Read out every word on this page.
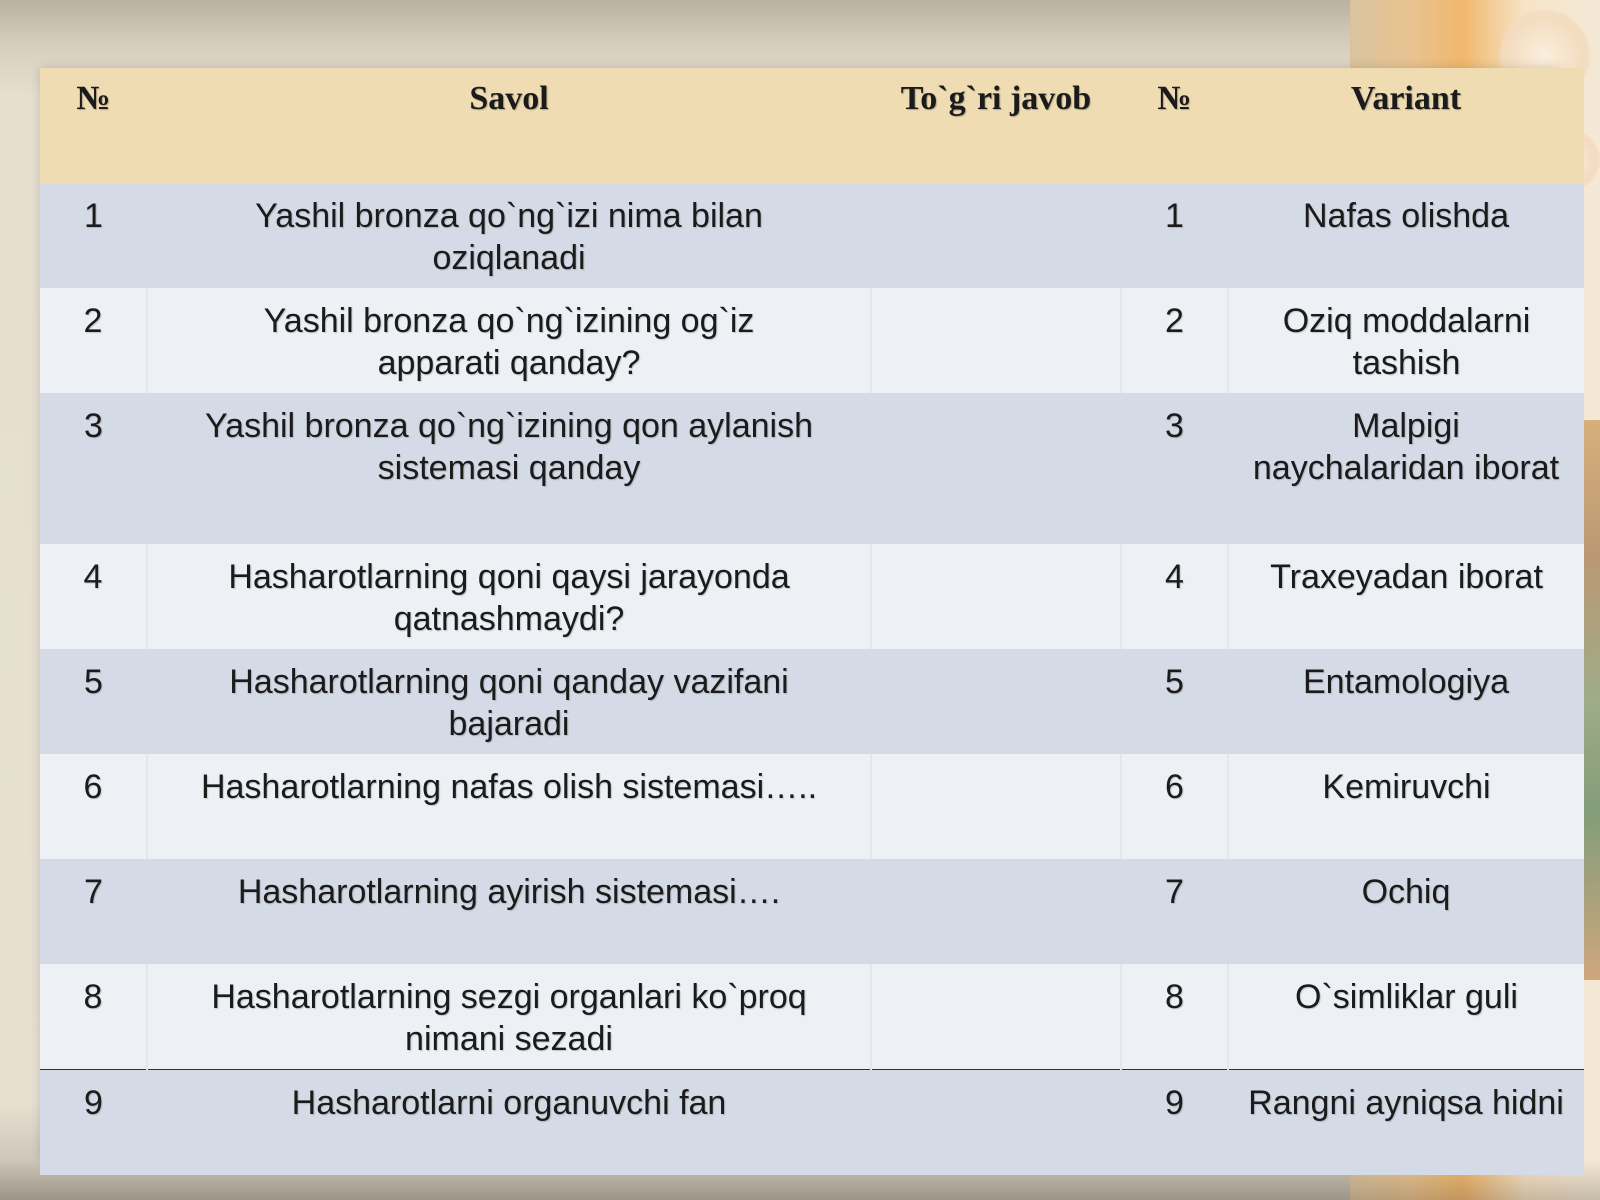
№	Savol	To`g`ri javob	№	Variant
1	Yashil bronza qo`ng`izi nima bilan
oziqlanadi		1	Nafas olishda

2	Yashil bronza qo`ng`izining og`iz
apparati qanday?		2	Oziq moddalarni
tashish

3	Yashil bronza qo`ng`izining qon aylanish
sistemasi qanday		3	Malpigi
naychalaridan iborat

4	Hasharotlarning qoni qaysi jarayonda
qatnashmaydi?		4	Traxeyadan iborat

5	Hasharotlarning qoni qanday vazifani
bajaradi		5	Entamologiya

6	Hasharotlarning nafas olish sistemasi…..		6	Kemiruvchi

7	Hasharotlarning ayirish sistemasi….		7	Ochiq

8	Hasharotlarning sezgi organlari ko`proq
nimani sezadi		8	O`simliklar guli

9	Hasharotlarni organuvchi fan		9	Rangni ayniqsa hidni
